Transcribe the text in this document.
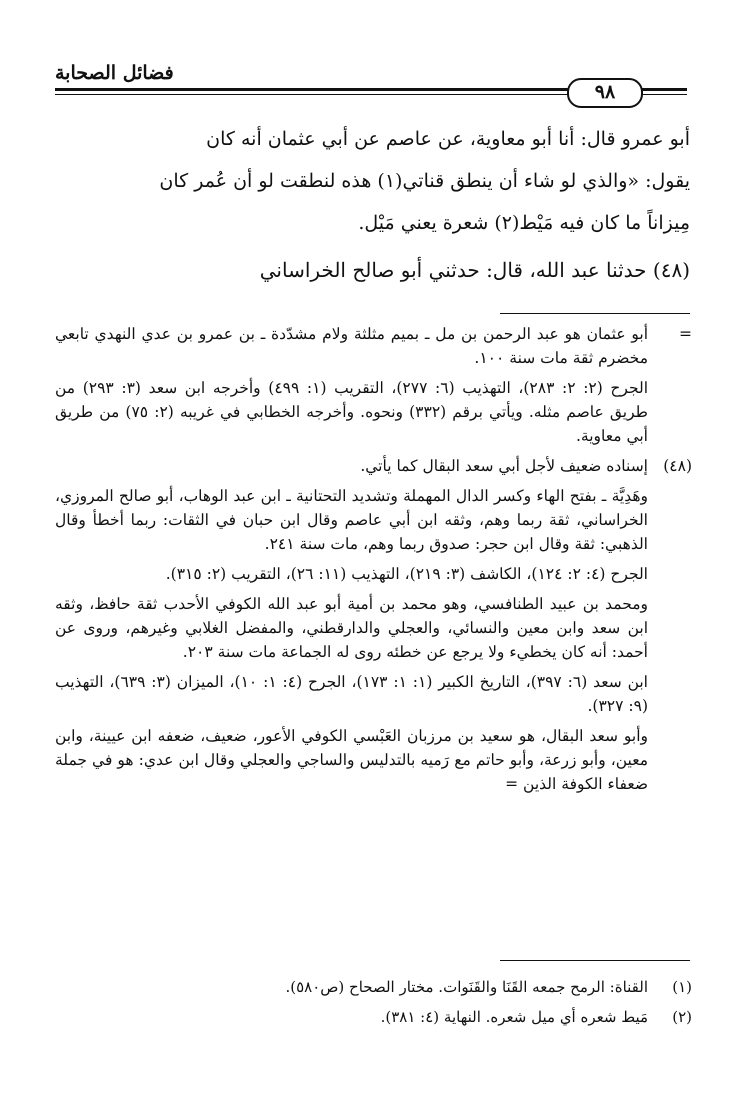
فضائل الصحابة
٩٨

أبو عمرو قال: أنا أبو معاوية، عن عاصم عن أبي عثمان أنه كان

يقول: «والذي لو شاء أن ينطق قناتي(١) هذه لنطقت لو أن عُمر كان

مِيزاناً ما كان فيه مَيْط(٢) شعرة يعني مَيْل.

(٤٨) حدثنا عبد الله، قال: حدثني أبو صالح الخراساني
=

أبو عثمان هو عبد الرحمن بن مل ـ بميم مثلثة ولام مشدّدة ـ بن عمرو بن عدي النهدي تابعي مخضرم ثقة مات سنة ١٠٠.

الجرح (٢: ٢: ٢٨٣)، التهذيب (٦: ٢٧٧)، التقريب (١: ٤٩٩) وأخرجه ابن سعد (٣: ٢٩٣) من طريق عاصم مثله. ويأتي برقم (٣٣٢) ونحوه. وأخرجه الخطابي في غريبه (٢: ٧٥) من طريق أبي معاوية.

(٤٨)

إسناده ضعيف لأجل أبي سعد البقال كما يأتي.

وهَدِيَّة ـ بفتح الهاء وكسر الدال المهملة وتشديد التحتانية ـ ابن عبد الوهاب، أبو صالح المروزي، الخراساني، ثقة ربما وهم، وثقه ابن أبي عاصم وقال ابن حبان في الثقات: ربما أخطأ وقال الذهبي: ثقة وقال ابن حجر: صدوق ربما وهم، مات سنة ٢٤١.

الجرح (٤: ٢: ١٢٤)، الكاشف (٣: ٢١٩)، التهذيب (١١: ٢٦)، التقريب (٢: ٣١٥).

ومحمد بن عبيد الطنافسي، وهو محمد بن أمية أبو عبد الله الكوفي الأحدب ثقة حافظ، وثقه ابن سعد وابن معين والنسائي، والعجلي والدارقطني، والمفضل الغلابي وغيرهم، وروى عن أحمد: أنه كان يخطيء ولا يرجع عن خطئه روى له الجماعة مات سنة ٢٠٣.

ابن سعد (٦: ٣٩٧)، التاريخ الكبير (١: ١: ١٧٣)، الجرح (٤: ١: ١٠)، الميزان (٣: ٦٣٩)، التهذيب (٩: ٣٢٧).

وأبو سعد البقال، هو سعيد بن مرزبان العَبْسي الكوفي الأعور، ضعيف، ضعفه ابن عيينة، وابن معين، وأبو زرعة، وأبو حاتم مع رَميه بالتدليس والساجي والعجلي وقال ابن عدي: هو في جملة ضعفاء الكوفة الذين =

(١)
القناة: الرمح جمعه القَنَا والقَنَوات. مختار الصحاح (ص٥٨٠).
(٢)
مَيط شعره أي ميل شعره. النهاية (٤: ٣٨١).
